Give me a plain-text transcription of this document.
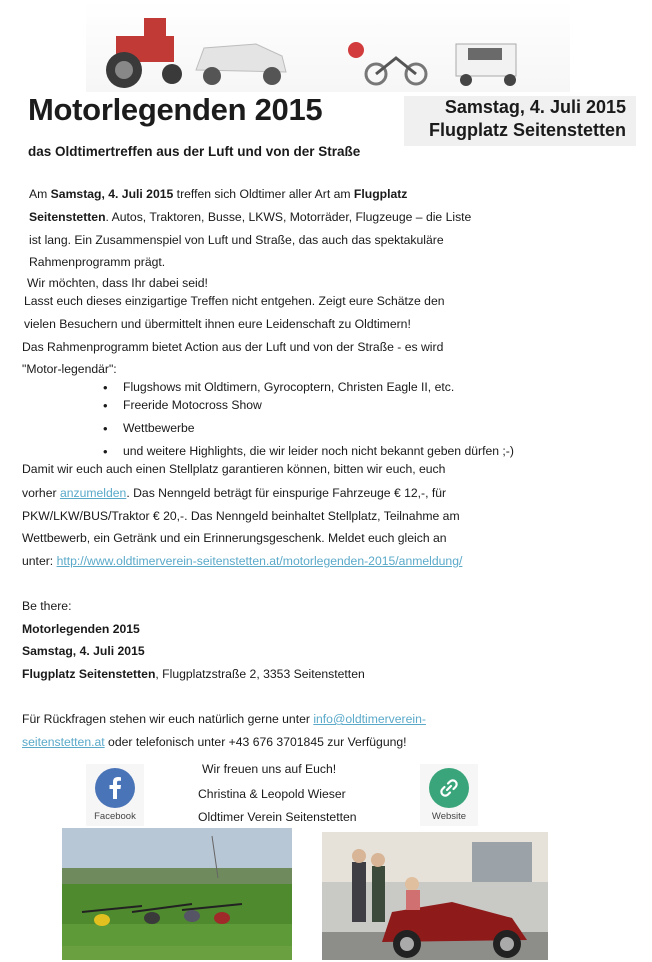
Motorlegenden 2015
das Oldtimertreffen aus der Luft und von der Straße
Samstag, 4. Juli 2015
Flugplatz Seitenstetten
Am Samstag, 4. Juli 2015 treffen sich Oldtimer aller Art am Flugplatz
Seitenstetten. Autos, Traktoren, Busse, LKWS, Motorräder, Flugzeuge – die Liste
ist lang. Ein Zusammenspiel von Luft und Straße, das auch das spektakuläre
Rahmenprogramm prägt.
Wir möchten, dass Ihr dabei seid!
Lasst euch dieses einzigartige Treffen nicht entgehen. Zeigt eure Schätze den
vielen Besuchern und übermittelt ihnen eure Leidenschaft zu Oldtimern!
Das Rahmenprogramm bietet Action aus der Luft und von der Straße - es wird
"Motor-legendär":
• Flugshows mit Oldtimern, Gyrocoptern, Christen Eagle II, etc.
• Freeride Motocross Show
• Wettbewerbe
• und weitere Highlights, die wir leider noch nicht bekannt geben dürfen ;-)
Damit wir euch auch einen Stellplatz garantieren können, bitten wir euch, euch
vorher anzumelden. Das Nenngeld beträgt für einspurige Fahrzeuge € 12,-, für
PKW/LKW/BUS/Traktor € 20,-. Das Nenngeld beinhaltet Stellplatz, Teilnahme am
Wettbewerb, ein Getränk und ein Erinnerungsgeschenk. Meldet euch gleich an
unter: http://www.oldtimerverein-seitenstetten.at/motorlegenden-2015/anmeldung/
Be there:
Motorlegenden 2015
Samstag, 4. Juli 2015
Flugplatz Seitenstetten, Flugplatzstraße 2, 3353 Seitenstetten
Für Rückfragen stehen wir euch natürlich gerne unter info@oldtimerverein-
seitenstetten.at oder telefonisch unter +43 676 3701845 zur Verfügung!
Facebook
Wir freuen uns auf Euch!
Christina & Leopold Wieser
Oldtimer Verein Seitenstetten	Website
